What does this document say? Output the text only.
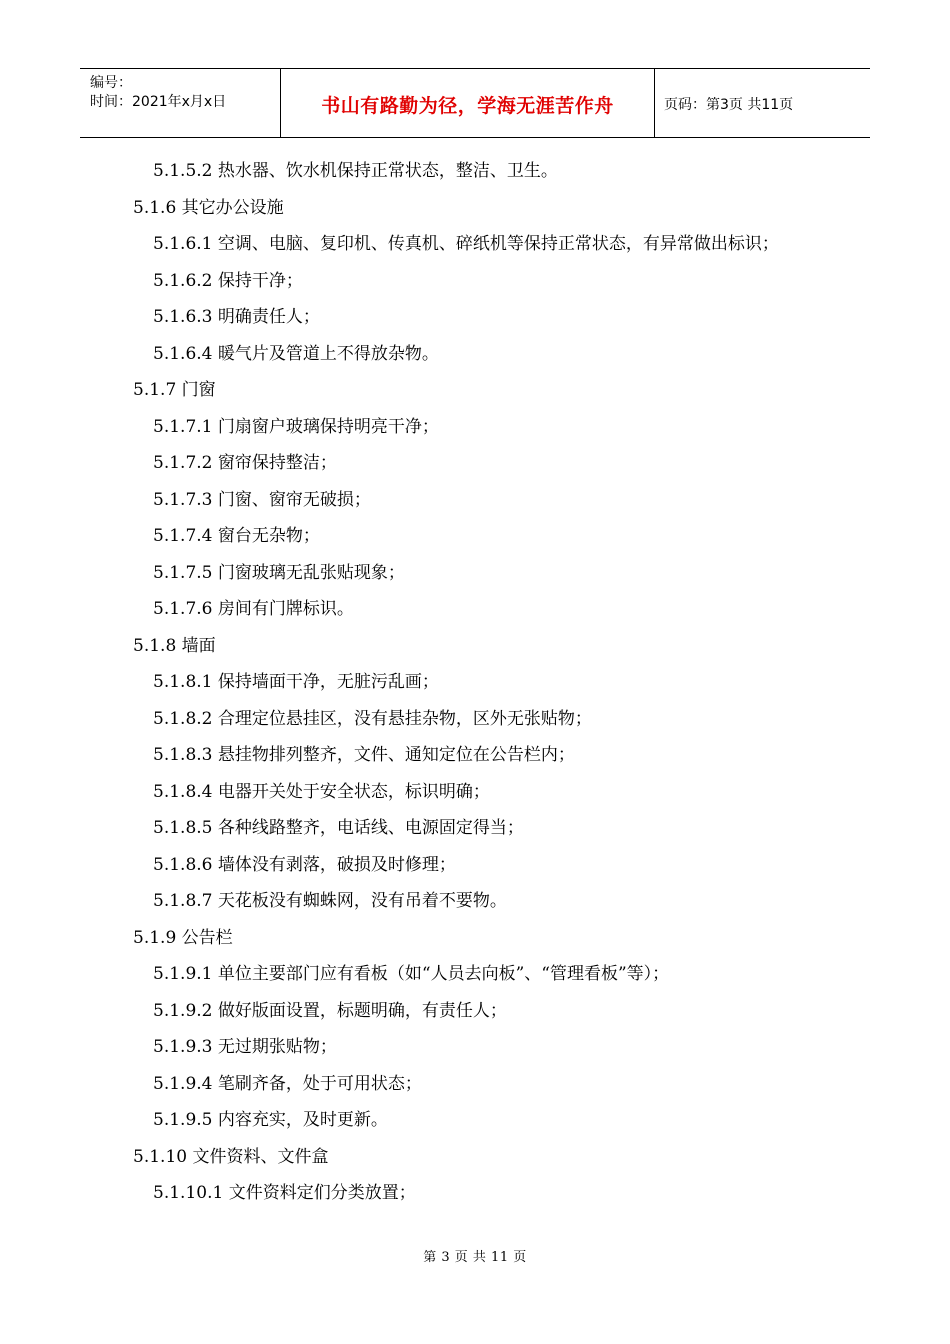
编号：
时间：2021年x月x日	书山有路勤为径，学海无涯苦作舟	页码：第3页 共11页
5.1.5.2 热水器、饮水机保持正常状态，整洁、卫生。
5.1.6 其它办公设施
5.1.6.1 空调、电脑、复印机、传真机、碎纸机等保持正常状态，有异常做出标识；
5.1.6.2 保持干净；
5.1.6.3 明确责任人；
5.1.6.4 暖气片及管道上不得放杂物。
5.1.7 门窗
5.1.7.1 门扇窗户玻璃保持明亮干净；
5.1.7.2 窗帘保持整洁；
5.1.7.3 门窗、窗帘无破损；
5.1.7.4 窗台无杂物；
5.1.7.5 门窗玻璃无乱张贴现象；
5.1.7.6 房间有门牌标识。
5.1.8 墙面
5.1.8.1 保持墙面干净，无脏污乱画；
5.1.8.2 合理定位悬挂区，没有悬挂杂物，区外无张贴物；
5.1.8.3 悬挂物排列整齐，文件、通知定位在公告栏内；
5.1.8.4 电器开关处于安全状态，标识明确；
5.1.8.5 各种线路整齐，电话线、电源固定得当；
5.1.8.6 墙体没有剥落，破损及时修理；
5.1.8.7 天花板没有蜘蛛网，没有吊着不要物。
5.1.9 公告栏
5.1.9.1 单位主要部门应有看板（如“人员去向板”、“管理看板”等）；
5.1.9.2 做好版面设置，标题明确，有责任人；
5.1.9.3 无过期张贴物；
5.1.9.4 笔刷齐备，处于可用状态；
5.1.9.5 内容充实，及时更新。
5.1.10 文件资料、文件盒
5.1.10.1 文件资料定们分类放置；
第 3 页 共 11 页
